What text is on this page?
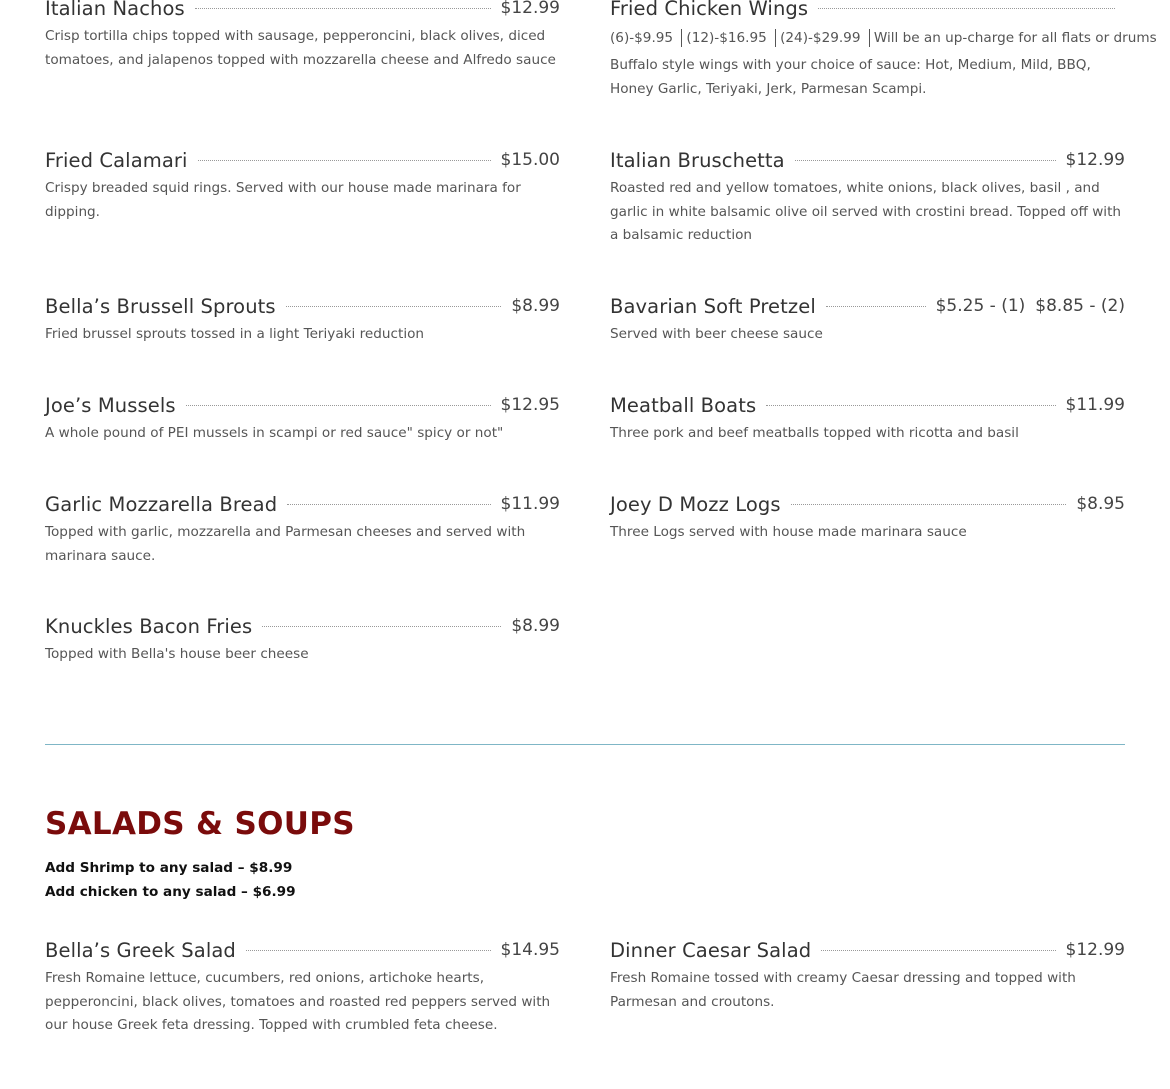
Italian Nachos	$12.99
Crisp tortilla chips topped with sausage, pepperoncini, black olives, diced tomatoes, and jalapenos topped with mozzarella cheese and Alfredo sauce
Fried Chicken Wings
(6)-$9.95 (12)-$16.95 (24)-$29.99 Will be an up-charge for all flats or drums
Buffalo style wings with your choice of sauce: Hot, Medium, Mild, BBQ, Honey Garlic, Teriyaki, Jerk, Parmesan Scampi.
Fried Calamari	$15.00
Crispy breaded squid rings. Served with our house made marinara for dipping.
Italian Bruschetta	$12.99
Roasted red and yellow tomatoes, white onions, black olives, basil , and garlic in white balsamic olive oil served with crostini bread. Topped off with a balsamic reduction
Bella’s Brussell Sprouts	$8.99
Fried brussel sprouts tossed in a light Teriyaki reduction
Bavarian Soft Pretzel	$5.25 - (1) $8.85 - (2)
Served with beer cheese sauce
Joe’s Mussels	$12.95
A whole pound of PEI mussels in scampi or red sauce" spicy or not"
Meatball Boats	$11.99
Three pork and beef meatballs topped with ricotta and basil
Garlic Mozzarella Bread	$11.99
Topped with garlic, mozzarella and Parmesan cheeses and served with marinara sauce.
Joey D Mozz Logs	$8.95
Three Logs served with house made marinara sauce
Knuckles Bacon Fries	$8.99
Topped with Bella's house beer cheese
SALADS & SOUPS
Add Shrimp to any salad – $8.99
Add chicken to any salad – $6.99
Bella’s Greek Salad	$14.95
Fresh Romaine lettuce, cucumbers, red onions, artichoke hearts, pepperoncini, black olives, tomatoes and roasted red peppers served with our house Greek feta dressing. Topped with crumbled feta cheese.
Dinner Caesar Salad	$12.99
Fresh Romaine tossed with creamy Caesar dressing and topped with Parmesan and croutons.
